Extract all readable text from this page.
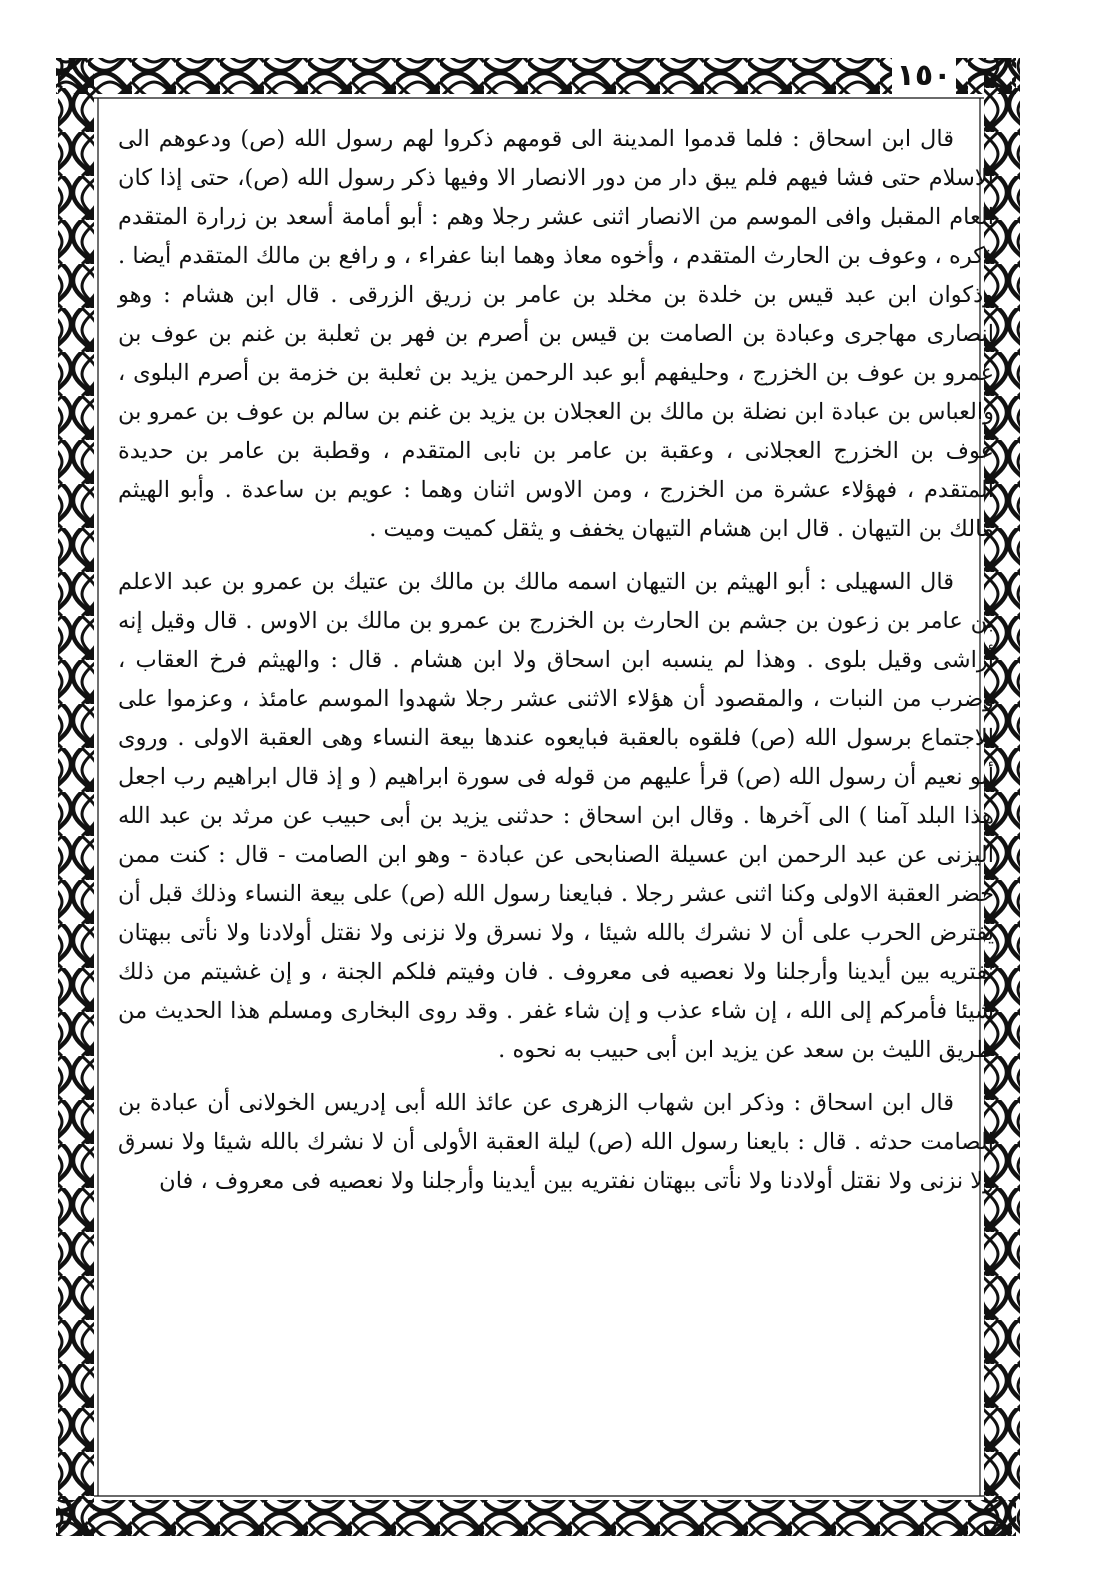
١٥٠

قال ابن اسحاق : فلما قدموا المدينة الى قومهم ذكروا لهم رسول الله (ص) ودعوهم الى الاسلام حتى فشا فيهم فلم يبق دار من دور الانصار الا وفيها ذكر رسول الله (ص)، حتى إذا كان العام المقبل وافى الموسم من الانصار اثنى عشر رجلا وهم : أبو أمامة أسعد بن زرارة المتقدم ذكره ، وعوف بن الحارث المتقدم ، وأخوه معاذ وهما ابنا عفراء ، و رافع بن مالك المتقدم أيضا . وذكوان ابن عبد قيس بن خلدة بن مخلد بن عامر بن زريق الزرقى . قال ابن هشام : وهو انصارى مهاجرى وعبادة بن الصامت بن قيس بن أصرم بن فهر بن ثعلبة بن غنم بن عوف بن عمرو بن عوف بن الخزرج ، وحليفهم أبو عبد الرحمن يزيد بن ثعلبة بن خزمة بن أصرم البلوى ، والعباس بن عبادة ابن نضلة بن مالك بن العجلان بن يزيد بن غنم بن سالم بن عوف بن عمرو بن عوف بن الخزرج العجلانى ، وعقبة بن عامر بن نابى المتقدم ، وقطبة بن عامر بن حديدة المتقدم ، فهؤلاء عشرة من الخزرج ، ومن الاوس اثنان وهما : عويم بن ساعدة . وأبو الهيثم مالك بن التيهان . قال ابن هشام التيهان يخفف و يثقل كميت وميت .

قال السهيلى : أبو الهيثم بن التيهان اسمه مالك بن مالك بن عتيك بن عمرو بن عبد الاعلم بن عامر بن زعون بن جشم بن الحارث بن الخزرج بن عمرو بن مالك بن الاوس . قال وقيل إنه أراشى وقيل بلوى . وهذا لم ينسبه ابن اسحاق ولا ابن هشام . قال : والهيثم فرخ العقاب ، وضرب من النبات ، والمقصود أن هؤلاء الاثنى عشر رجلا شهدوا الموسم عامئذ ، وعزموا على الاجتماع برسول الله (ص) فلقوه بالعقبة فبايعوه عندها بيعة النساء وهى العقبة الاولى . وروى أبو نعيم أن رسول الله (ص) قرأ عليهم من قوله فى سورة ابراهيم ( و إذ قال ابراهيم رب اجعل هذا البلد آمنا ) الى آخرها . وقال ابن اسحاق : حدثنى يزيد بن أبى حبيب عن مرثد بن عبد الله اليزنى عن عبد الرحمن ابن عسيلة الصنابحى عن عبادة - وهو ابن الصامت - قال : كنت ممن حضر العقبة الاولى وكنا اثنى عشر رجلا . فبايعنا رسول الله (ص) على بيعة النساء وذلك قبل أن يفترض الحرب على أن لا نشرك بالله شيئا ، ولا نسرق ولا نزنى ولا نقتل أولادنا ولا نأتى ببهتان نفتريه بين أيدينا وأرجلنا ولا نعصيه فى معروف . فان وفيتم فلكم الجنة ، و إن غشيتم من ذلك شيئا فأمركم إلى الله ، إن شاء عذب و إن شاء غفر . وقد روى البخارى ومسلم هذا الحديث من طريق الليث بن سعد عن يزيد ابن أبى حبيب به نحوه .

قال ابن اسحاق : وذكر ابن شهاب الزهرى عن عائذ الله أبى إدريس الخولانى أن عبادة بن الصامت حدثه . قال : بايعنا رسول الله (ص) ليلة العقبة الأولى أن لا نشرك بالله شيئا ولا نسرق ولا نزنى ولا نقتل أولادنا ولا نأتى ببهتان نفتريه بين أيدينا وأرجلنا ولا نعصيه فى معروف ، فان
